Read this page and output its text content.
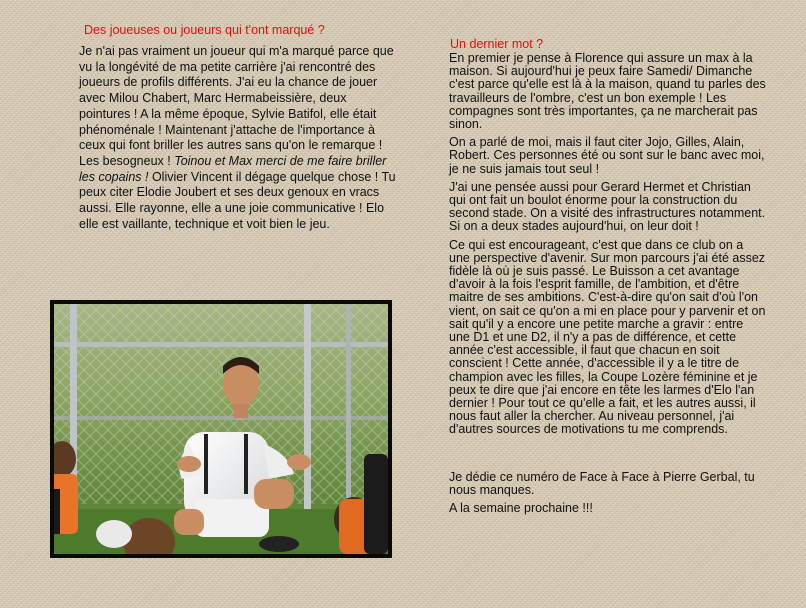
Des joueuses ou joueurs qui t'ont marqué ?

Je n'ai pas vraiment un joueur qui m'a marqué parce que vu la longévité de ma petite carrière j'ai rencontré des joueurs de profils différents. J'ai eu la chance de jouer avec Milou Chabert, Marc Hermabeissière, deux pointures ! A la même époque, Sylvie Batifol, elle était phénoménale ! Maintenant j'attache de l'importance à ceux qui font briller les autres sans qu'on le remarque ! Les besogneux ! Toinou et Max merci de me faire briller les copains ! Olivier Vincent il dégage quelque chose ! Tu peux citer Elodie Joubert et ses deux genoux en vracs aussi. Elle rayonne, elle a une joie communicative ! Elo elle est vaillante, technique et voit bien le jeu.

Un dernier mot ?

En premier je pense à Florence qui assure un max à la maison. Si aujourd'hui je peux faire Samedi/ Dimanche c'est parce qu'elle est là à la maison, quand tu parles des travailleurs de l'ombre, c'est un bon exemple ! Les compagnes sont très importantes, ça ne marcherait pas sinon.

On a parlé de moi, mais il faut citer Jojo, Gilles, Alain, Robert. Ces personnes été ou sont sur le banc avec moi, je ne suis jamais tout seul !

J'ai une pensée aussi pour Gerard Hermet et Christian qui ont fait un boulot énorme pour la construction du second stade. On a visité des infrastructures notamment. Si on a deux stades aujourd'hui, on leur doit !

Ce qui est encourageant, c'est que dans ce club on a une perspective d'avenir. Sur mon parcours j'ai été assez fidèle là où je suis passé. Le Buisson a cet avantage d'avoir à la fois l'esprit famille, de l'ambition, et d'être maitre de ses ambitions. C'est-à-dire qu'on sait d'où l'on vient, on sait ce qu'on a mi en place pour y parvenir et on sait qu'il y a encore une petite marche a gravir : entre une D1 et une D2, il n'y a pas de différence, et cette année c'est accessible, il faut que chacun en soit conscient ! Cette année, d'accessible il y a le titre de champion avec les filles, la Coupe Lozère féminine et je peux te dire que j'ai encore en tête les larmes d'Elo l'an dernier ! Pour tout ce qu'elle a fait, et les autres aussi, il nous faut aller la chercher. Au niveau personnel, j'ai d'autres sources de motivations tu me comprends.

Je dédie ce numéro de Face à Face à Pierre Gerbal, tu nous manques.

A la semaine prochaine !!!
